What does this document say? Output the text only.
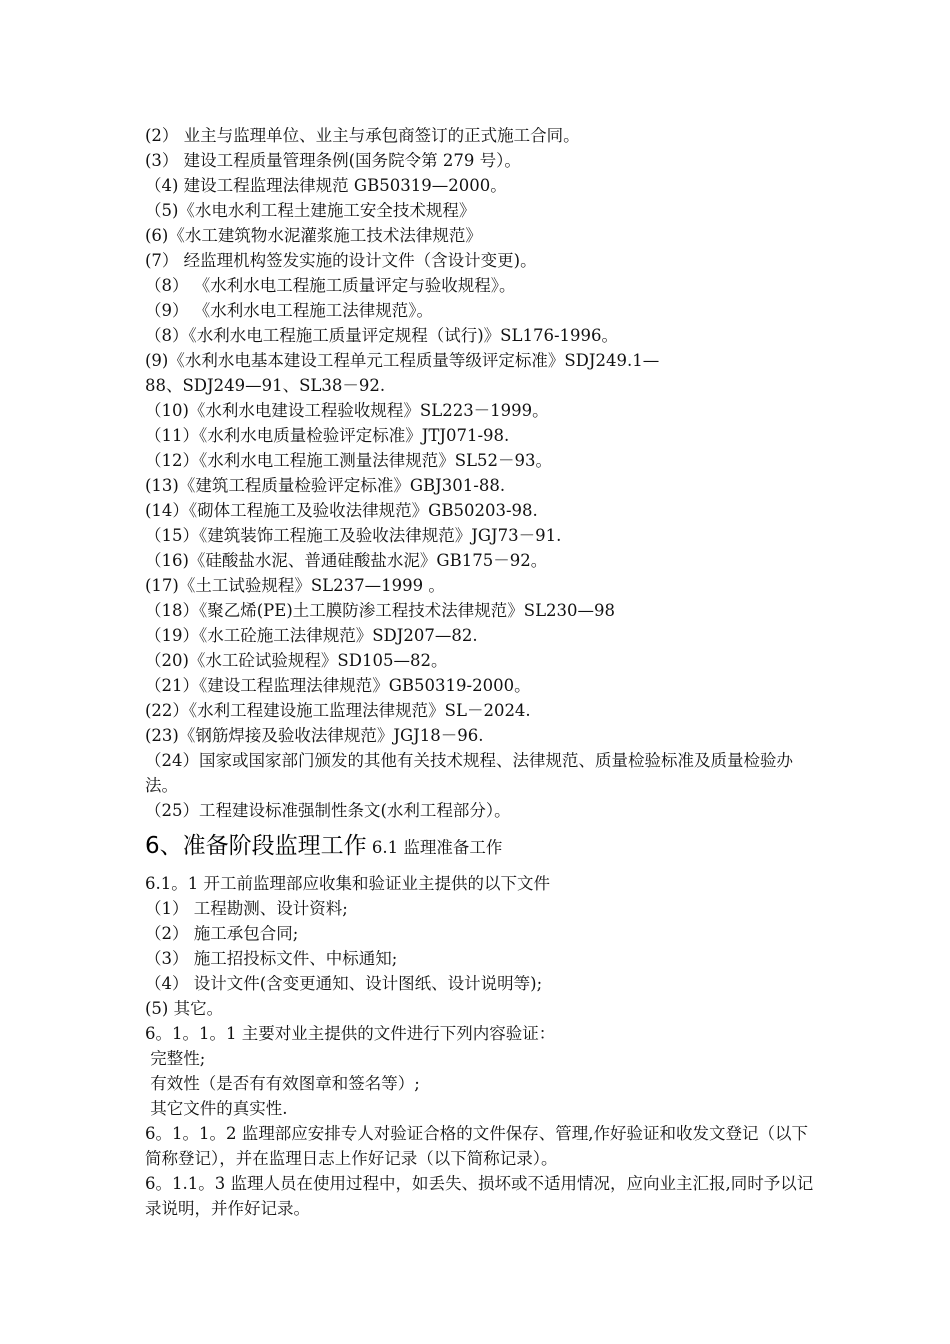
(2） 业主与监理单位、业主与承包商签订的正式施工合同。
(3） 建设工程质量管理条例(国务院令第 279 号）。
（4) 建设工程监理法律规范 GB50319—2000。
（5)《水电水利工程土建施工安全技术规程》
(6)《水工建筑物水泥灌浆施工技术法律规范》
(7） 经监理机构签发实施的设计文件（含设计变更)。
（8） 《水利水电工程施工质量评定与验收规程》。
（9） 《水利水电工程施工法律规范》。
（8）《水利水电工程施工质量评定规程（试行)》SL176-1996。
(9)《水利水电基本建设工程单元工程质量等级评定标准》SDJ249.1—
88、SDJ249—91、SL38－92.
（10)《水利水电建设工程验收规程》SL223－1999。
（11）《水利水电质量检验评定标准》JTJ071-98.
（12）《水利水电工程施工测量法律规范》SL52－93。
(13)《建筑工程质量检验评定标准》GBJ301-88.
(14）《砌体工程施工及验收法律规范》GB50203-98.
（15）《建筑装饰工程施工及验收法律规范》JGJ73－91.
（16)《硅酸盐水泥、普通硅酸盐水泥》GB175－92。
(17)《土工试验规程》SL237—1999 。
（18）《聚乙烯(PE)土工膜防渗工程技术法律规范》SL230—98
（19）《水工砼施工法律规范》SDJ207—82.
（20)《水工砼试验规程》SD105—82。
（21）《建设工程监理法律规范》GB50319-2000。
(22）《水利工程建设施工监理法律规范》SL－2024.
(23)《钢筋焊接及验收法律规范》JGJ18－96.
（24）国家或国家部门颁发的其他有关技术规程、法律规范、质量检验标准及质量检验办法。
（25）工程建设标准强制性条文(水利工程部分）。
6、准备阶段监理工作 6.1 监理准备工作
6.1。1 开工前监理部应收集和验证业主提供的以下文件
（1） 工程勘测、设计资料;
（2） 施工承包合同;
（3） 施工招投标文件、中标通知;
（4） 设计文件(含变更通知、设计图纸、设计说明等);
(5) 其它。
6。1。1。1 主要对业主提供的文件进行下列内容验证：
完整性;
有效性（是否有有效图章和签名等）;
其它文件的真实性.
6。1。1。2 监理部应安排专人对验证合格的文件保存、管理,作好验证和收发文登记（以下简称登记），并在监理日志上作好记录（以下简称记录）。
6。1.1。3 监理人员在使用过程中，如丢失、损坏或不适用情况，应向业主汇报,同时予以记录说明，并作好记录。
